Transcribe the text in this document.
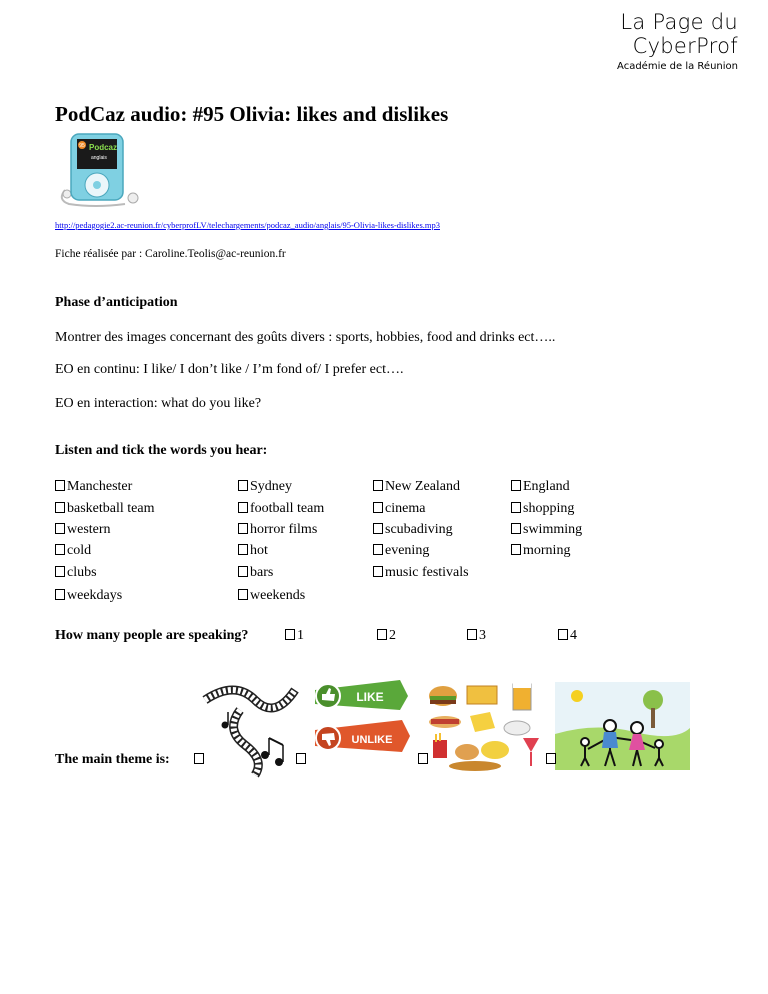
La Page du
CyberProf
Académie de la Réunion
PodCaz audio: #95 Olivia: likes and dislikes
95 Podcaz
anglais
http://pedagogie2.ac-reunion.fr/cyberprofLV/telechargements/podcaz_audio/anglais/95-Olivia-likes-dislikes.mp3
Fiche réalisée par : Caroline.Teolis@ac-reunion.fr
Phase d’anticipation
Montrer des images concernant des goûts divers : sports, hobbies, food and drinks ect…..
EO en continu: I like/ I don’t like / I’m fond of/ I prefer ect….
EO en interaction: what do you like?
Listen and tick the words you hear:
Manchester	Sydney	New Zealand	England
basketball team	football team	cinema	shopping
western	horror films	scubadiving	swimming
cold	hot	evening	morning
clubs	bars	music festivals
weekdays	weekends
How many people are speaking?	1	2	3	4
LIKE
UNLIKE
The main theme is:
